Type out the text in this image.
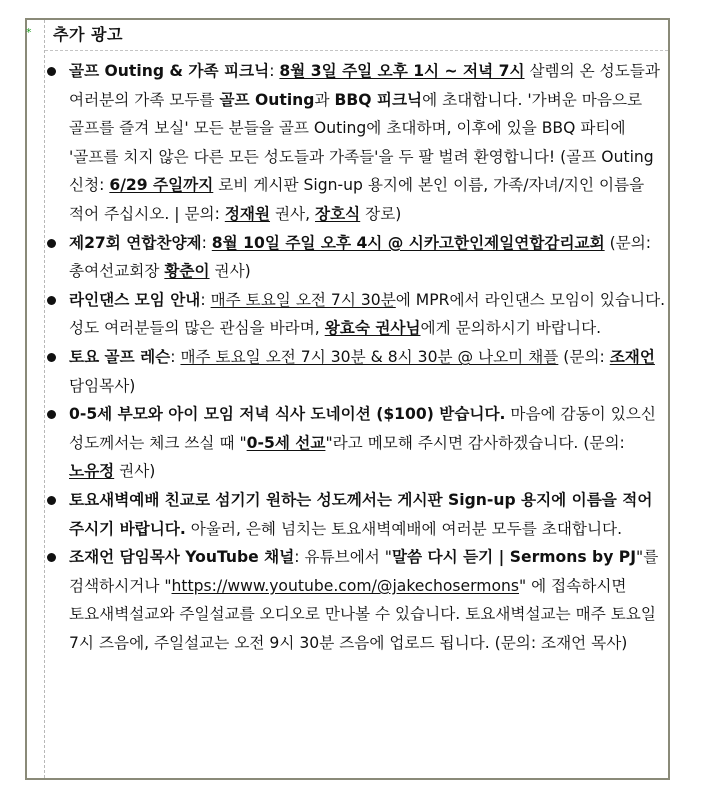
* 추가 광고
골프 Outing & 가족 피크닉: 8월 3일 주일 오후 1시 ~ 저녁 7시 살렘의 온 성도들과 여러분의 가족 모두를 골프 Outing과 BBQ 피크닉에 초대합니다. '가벼운 마음으로 골프를 즐겨 보실' 모든 분들을 골프 Outing에 초대하며, 이후에 있을 BBQ 파티에 '골프를 치지 않은 다른 모든 성도들과 가족들'을 두 팔 벌려 환영합니다! (골프 Outing 신청: 6/29 주일까지 로비 게시판 Sign-up 용지에 본인 이름, 가족/자녀/지인 이름을 적어 주십시오. | 문의: 정재원 권사, 장호식 장로)
제27회 연합찬양제: 8월 10일 주일 오후 4시 @ 시카고한인제일연합감리교회 (문의: 총여선교회장 황춘이 권사)
라인댄스 모임 안내: 매주 토요일 오전 7시 30분에 MPR에서 라인댄스 모임이 있습니다. 성도 여러분들의 많은 관심을 바라며, 왕효숙 권사님에게 문의하시기 바랍니다.
토요 골프 레슨: 매주 토요일 오전 7시 30분 & 8시 30분 @ 나오미 채플 (문의: 조재언 담임목사)
0-5세 부모와 아이 모임 저녁 식사 도네이션 ($100) 받습니다. 마음에 감동이 있으신 성도께서는 체크 쓰실 때 "0-5세 선교"라고 메모해 주시면 감사하겠습니다. (문의: 노유정 권사)
토요새벽예배 친교로 섬기기 원하는 성도께서는 게시판 Sign-up 용지에 이름을 적어 주시기 바랍니다. 아울러, 은혜 넘치는 토요새벽예배에 여러분 모두를 초대합니다.
조재언 담임목사 YouTube 채널: 유튜브에서 "말씀 다시 듣기 | Sermons by PJ"를 검색하시거나 "https://www.youtube.com/@jakechosermons" 에 접속하시면 토요새벽설교와 주일설교를 오디오로 만나볼 수 있습니다. 토요새벽설교는 매주 토요일 7시 즈음에, 주일설교는 오전 9시 30분 즈음에 업로드 됩니다. (문의: 조재언 목사)
